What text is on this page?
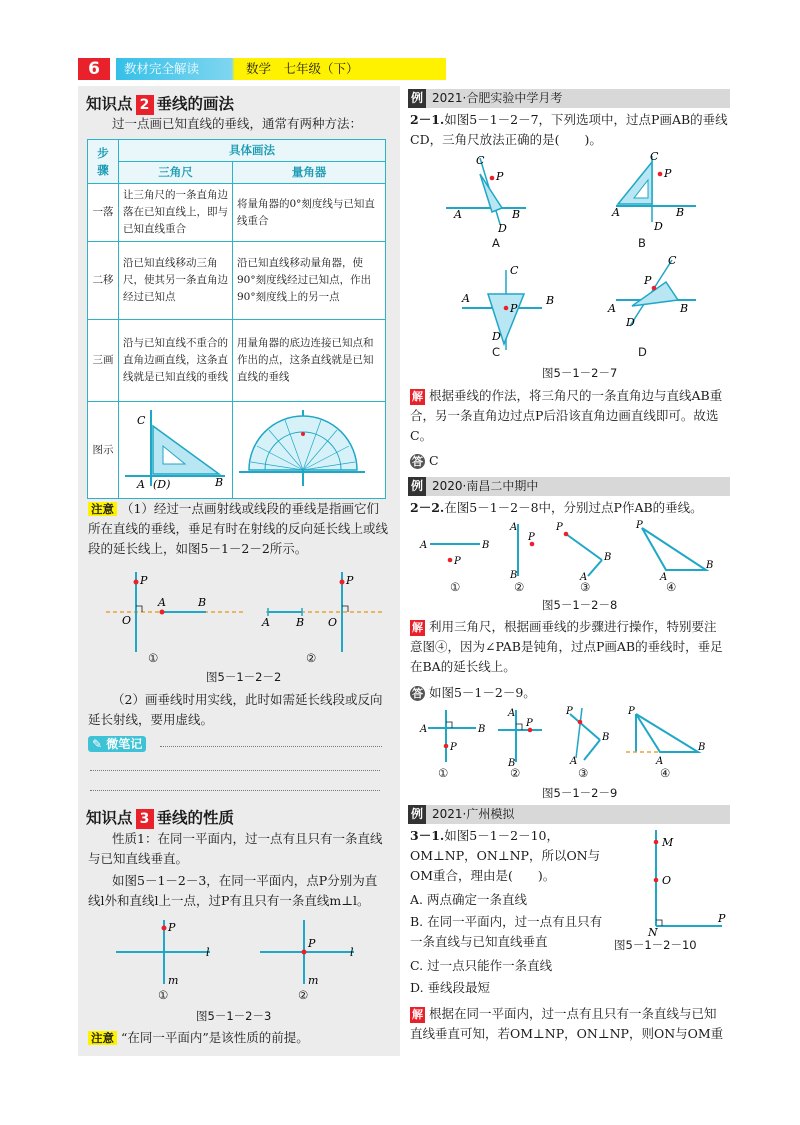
6	教材完全解读	数学　七年级（下）
知识点 2 垂线的画法
过一点画已知直线的垂线，通常有两种方法：
步骤	具体画法	
	三角尺	量角器
一落	让三角尺的一条直角边落在已知直线上，即与已知直线重合	将量角器的0°刻度线与已知直线重合
二移	沿已知直线移动三角尺，使其另一条直角边经过已知点	沿已知直线移动量角器，使90°刻度线经过已知点，作出90°刻度线上的另一点
三画	沿与已知直线不重合的直角边画直线，这条直线就是已知直线的垂线	用量角器的底边连接已知点和作出的点，这条直线就是已知直线的垂线
图示	C
A (D) B

注意 （1）经过一点画射线或线段的垂线是指画它们所在直线的垂线，垂足有时在射线的反向延长线上或线段的延长线上，如图5－1－2－2所示。
P
A	B
O
P
A B O
①	②
图5－1－2－2
（2）画垂线时用实线，此时如需延长线段或反向延长射线，要用虚线。
✎ 微笔记
知识点 3 垂线的性质
性质1：在同一平面内，过一点有且只有一条直线与已知直线垂直。
如图5－1－2－3，在同一平面内，点P分别为直线l外和直线l上一点，过P有且只有一条直线m⊥l。
P
l
m
P
l
m
①	②
图5－1－2－3
注意 “在同一平面内”是该性质的前提。
例 2021·合肥实验中学月考
2－1.如图5－1－2－7，下列选项中，过点P画AB的垂线CD，三角尺放法正确的是(　　)。
C
P
A	B
D
C
P
A	B
D
C
P
A	B
D
C
P
A	B
D
A	B
C	D
图5－1－2－7
解 根据垂线的作法，将三角尺的一条直角边与直线AB重合，另一条直角边过点P后沿该直角边画直线即可。故选C。
答 C
例 2020·南昌二中期中
2－2.在图5－1－2－8中，分别过点P作AB的垂线。
A	B
P
A
B
P
P
B
A
P
A
B
①	②	③	④
图5－1－2－8
解 利用三角尺，根据画垂线的步骤进行操作，特别要注意图④，因为∠PAB是钝角，过点P画AB的垂线时，垂足在BA的延长线上。
答 如图5－1－2－9。
A	B
P
A
B
P
P
B
A
P
A
B
①	②	③	④
图5－1－2－9
例 2021·广州模拟
3－1.如图5－1－2－10，OM⊥NP，ON⊥NP，所以ON与OM重合，理由是(　　)。
A. 两点确定一条直线
B. 在同一平面内，过一点有且只有一条直线与已知直线垂直
C. 过一点只能作一条直线
D. 垂线段最短
M
O
N
P
图5－1－2－10
解 根据在同一平面内，过一点有且只有一条直线与已知直线垂直可知，若OM⊥NP，ON⊥NP，则ON与OM重
